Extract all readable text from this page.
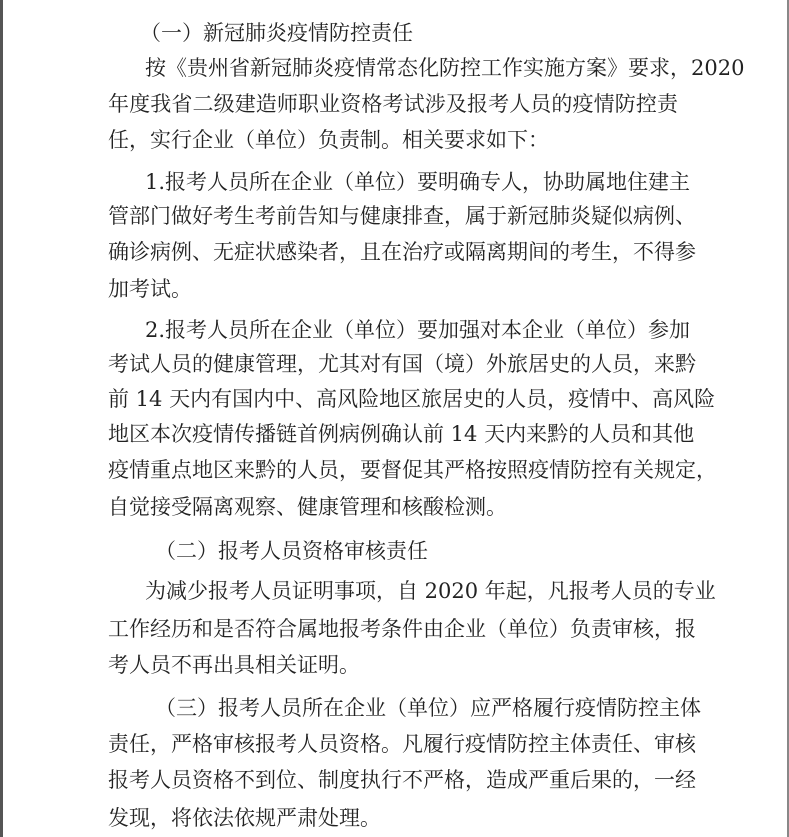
（一）新冠肺炎疫情防控责任
按《贵州省新冠肺炎疫情常态化防控工作实施方案》要求，2020
年度我省二级建造师职业资格考试涉及报考人员的疫情防控责
任，实行企业（单位）负责制。相关要求如下：
1.报考人员所在企业（单位）要明确专人，协助属地住建主
管部门做好考生考前告知与健康排查，属于新冠肺炎疑似病例、
确诊病例、无症状感染者，且在治疗或隔离期间的考生，不得参
加考试。
2.报考人员所在企业（单位）要加强对本企业（单位）参加
考试人员的健康管理，尤其对有国（境）外旅居史的人员，来黔
前 14 天内有国内中、高风险地区旅居史的人员，疫情中、高风险
地区本次疫情传播链首例病例确认前 14 天内来黔的人员和其他
疫情重点地区来黔的人员，要督促其严格按照疫情防控有关规定，
自觉接受隔离观察、健康管理和核酸检测。
（二）报考人员资格审核责任
为减少报考人员证明事项，自 2020 年起，凡报考人员的专业
工作经历和是否符合属地报考条件由企业（单位）负责审核，报
考人员不再出具相关证明。
（三）报考人员所在企业（单位）应严格履行疫情防控主体
责任，严格审核报考人员资格。凡履行疫情防控主体责任、审核
报考人员资格不到位、制度执行不严格，造成严重后果的，一经
发现，将依法依规严肃处理。
